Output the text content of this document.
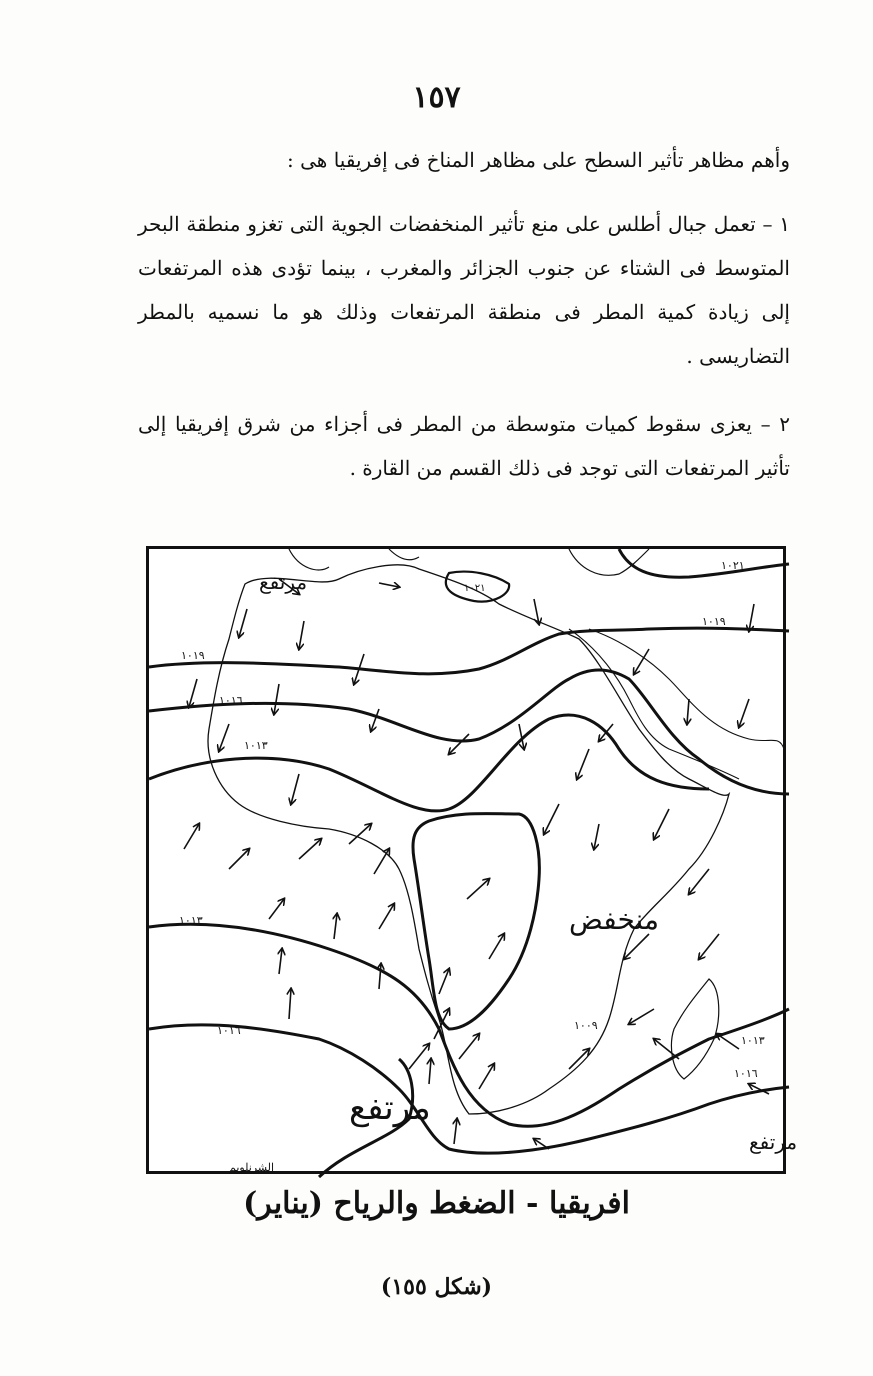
١٥٧
وأهم مظاهر تأثير السطح على مظاهر المناخ فى إفريقيا هى :
١ – تعمل جبال أطلس على منع تأثير المنخفضات الجوية التى تغزو منطقة البحر المتوسط فى الشتاء عن جنوب الجزائر والمغرب ، بينما تؤدى هذه المرتفعات إلى زيادة كمية المطر فى منطقة المرتفعات وذلك هو ما نسميه بالمطر التضاريسى .
٢ – يعزى سقوط كميات متوسطة من المطر فى أجزاء من شرق إفريقيا إلى تأثير المرتفعات التى توجد فى ذلك القسم من القارة .
مرتفع
منخفض
مرتفع
مرتفع
الشرنلويم
١٠٢١
١٠٢١
١٠١٩
١٠١٩
١٠١٦
١٠١٣
١٠١٣
١٠١٦	١٠٠٩
١٠١٣
١٠١٦
افريقيا - الضغط والرياح (يناير)
(شكل ١٥٥)
